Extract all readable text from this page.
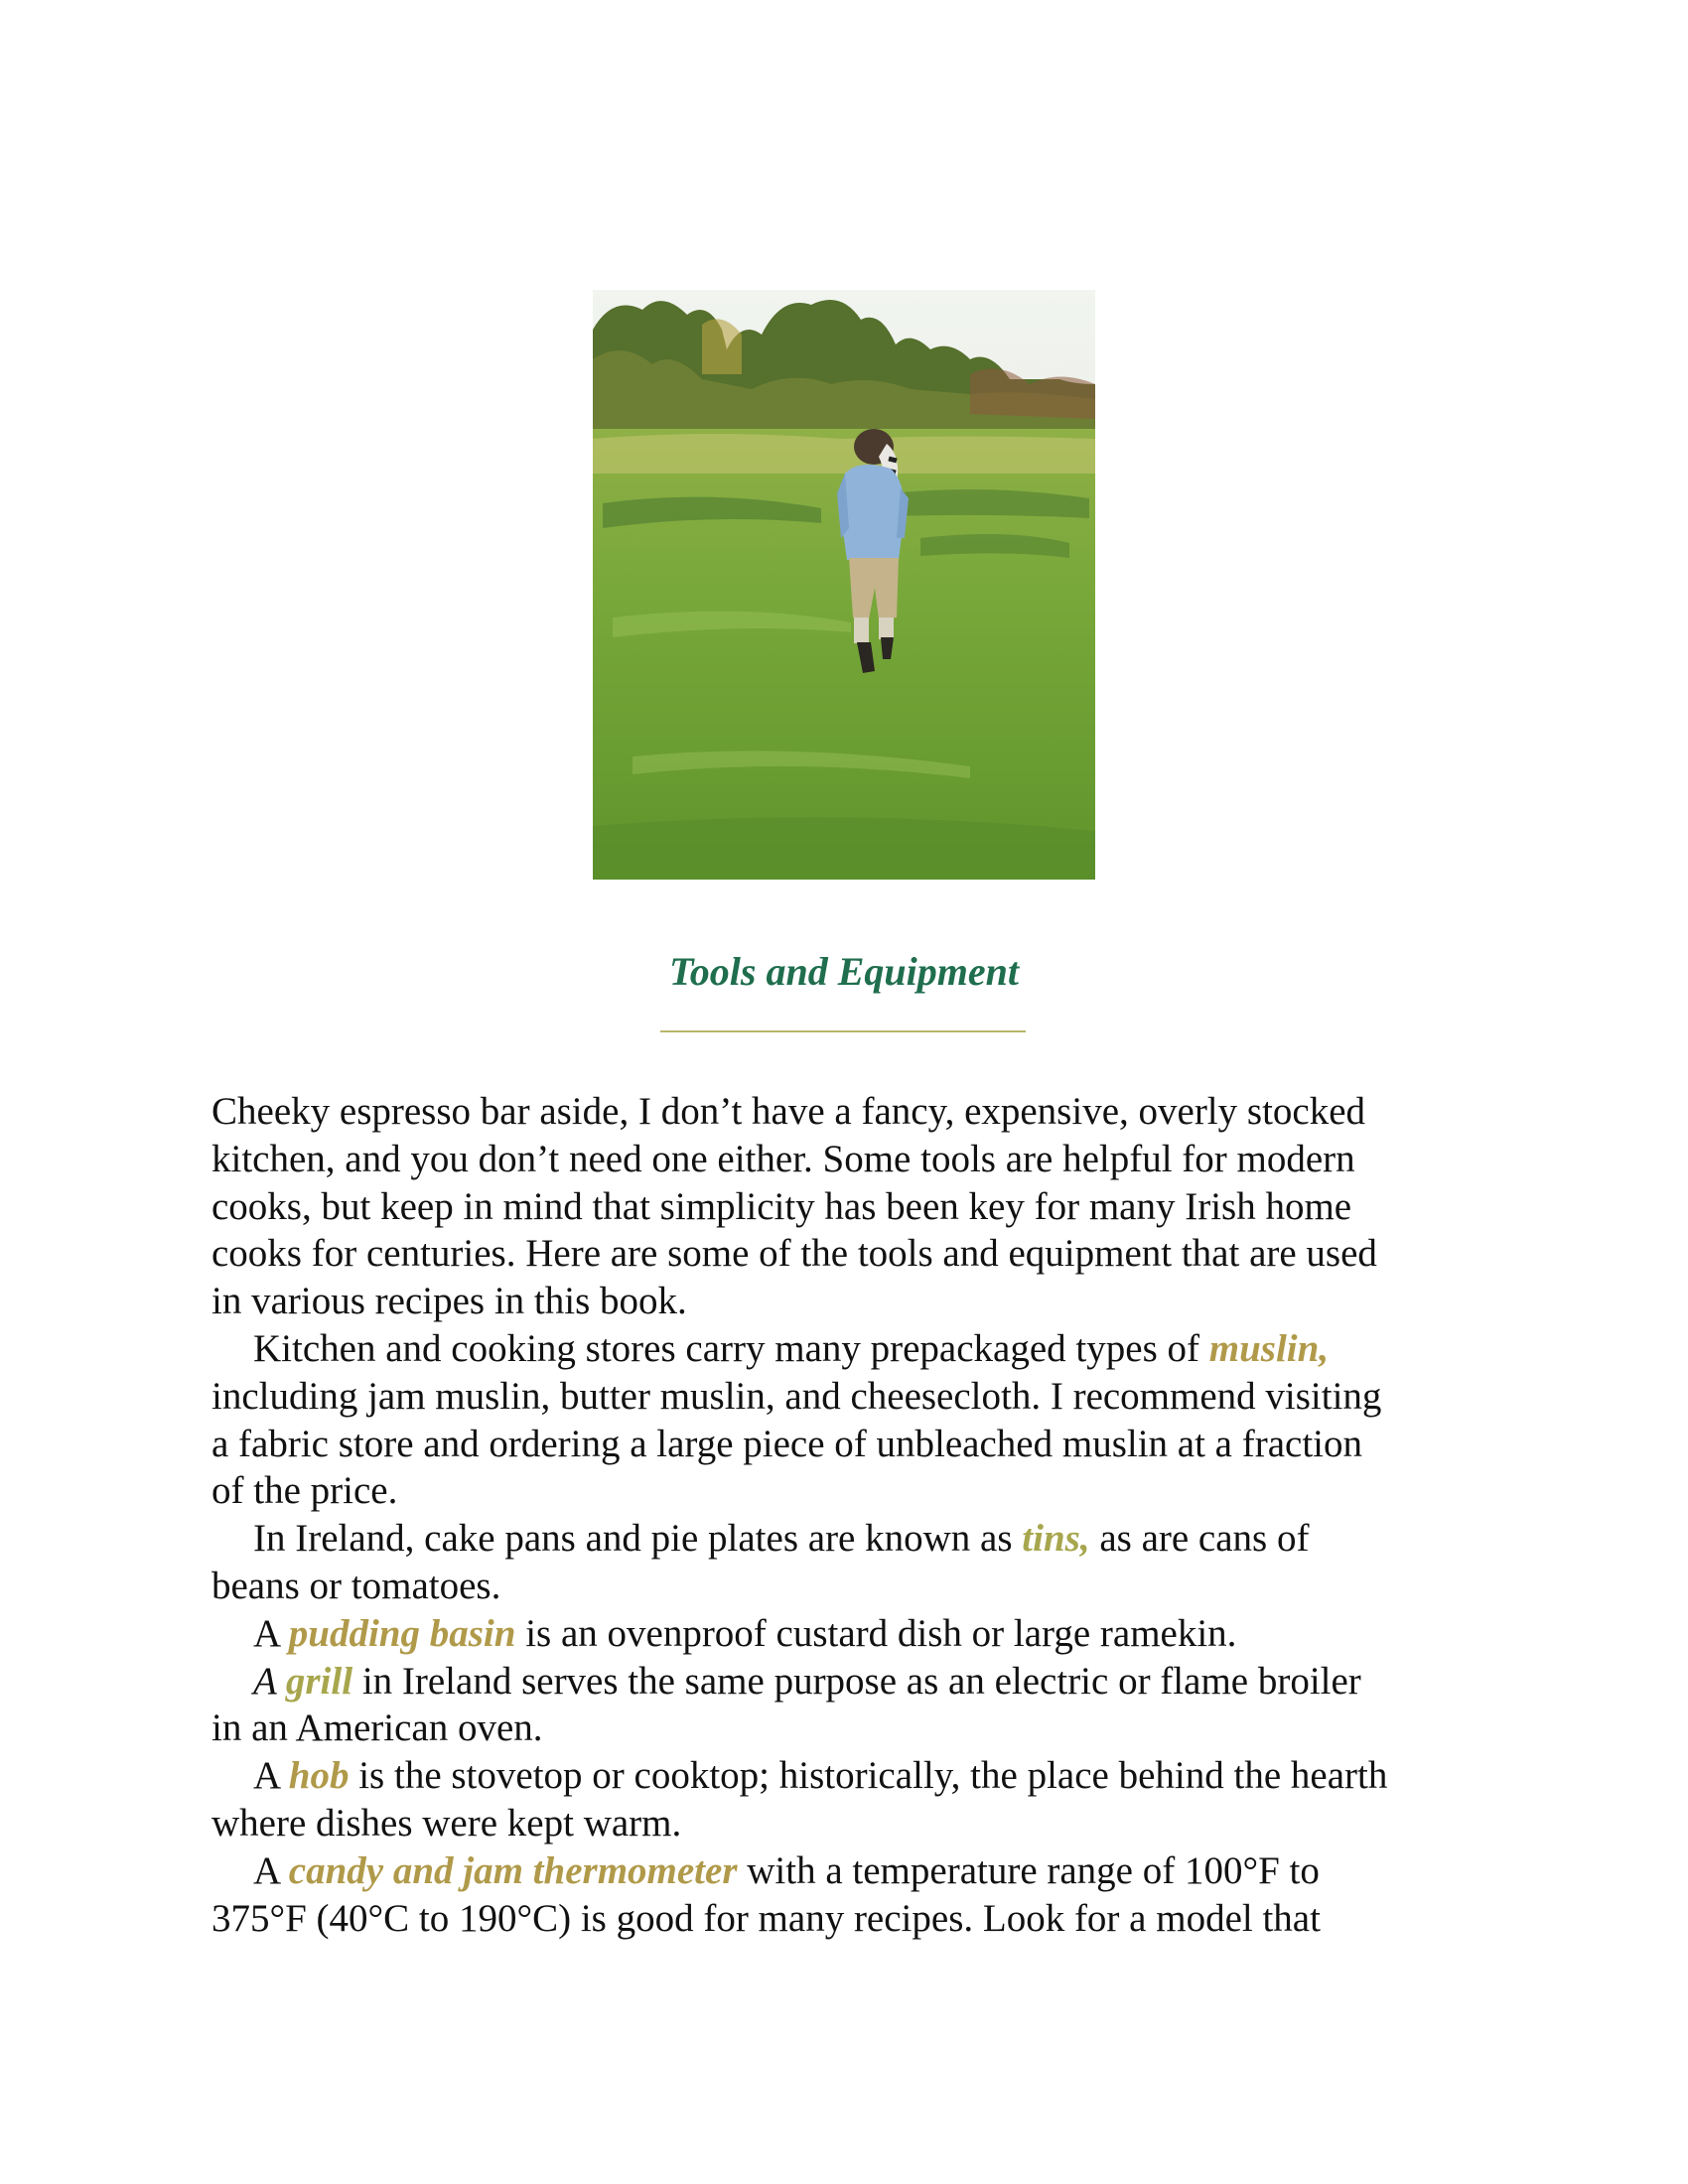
Tools and Equipment

Cheeky espresso bar aside, I don’t have a fancy, expensive, overly stocked

kitchen, and you don’t need one either. Some tools are helpful for modern

cooks, but keep in mind that simplicity has been key for many Irish home

cooks for centuries. Here are some of the tools and equipment that are used

in various recipes in this book.

Kitchen and cooking stores carry many prepackaged types of muslin,

including jam muslin, butter muslin, and cheesecloth. I recommend visiting

a fabric store and ordering a large piece of unbleached muslin at a fraction

of the price.

In Ireland, cake pans and pie plates are known as tins, as are cans of

beans or tomatoes.

A pudding basin is an ovenproof custard dish or large ramekin.

A grill in Ireland serves the same purpose as an electric or flame broiler

in an American oven.

A hob is the stovetop or cooktop; historically, the place behind the hearth

where dishes were kept warm.

A candy and jam thermometer with a temperature range of 100°F to

375°F (40°C to 190°C) is good for many recipes. Look for a model that
